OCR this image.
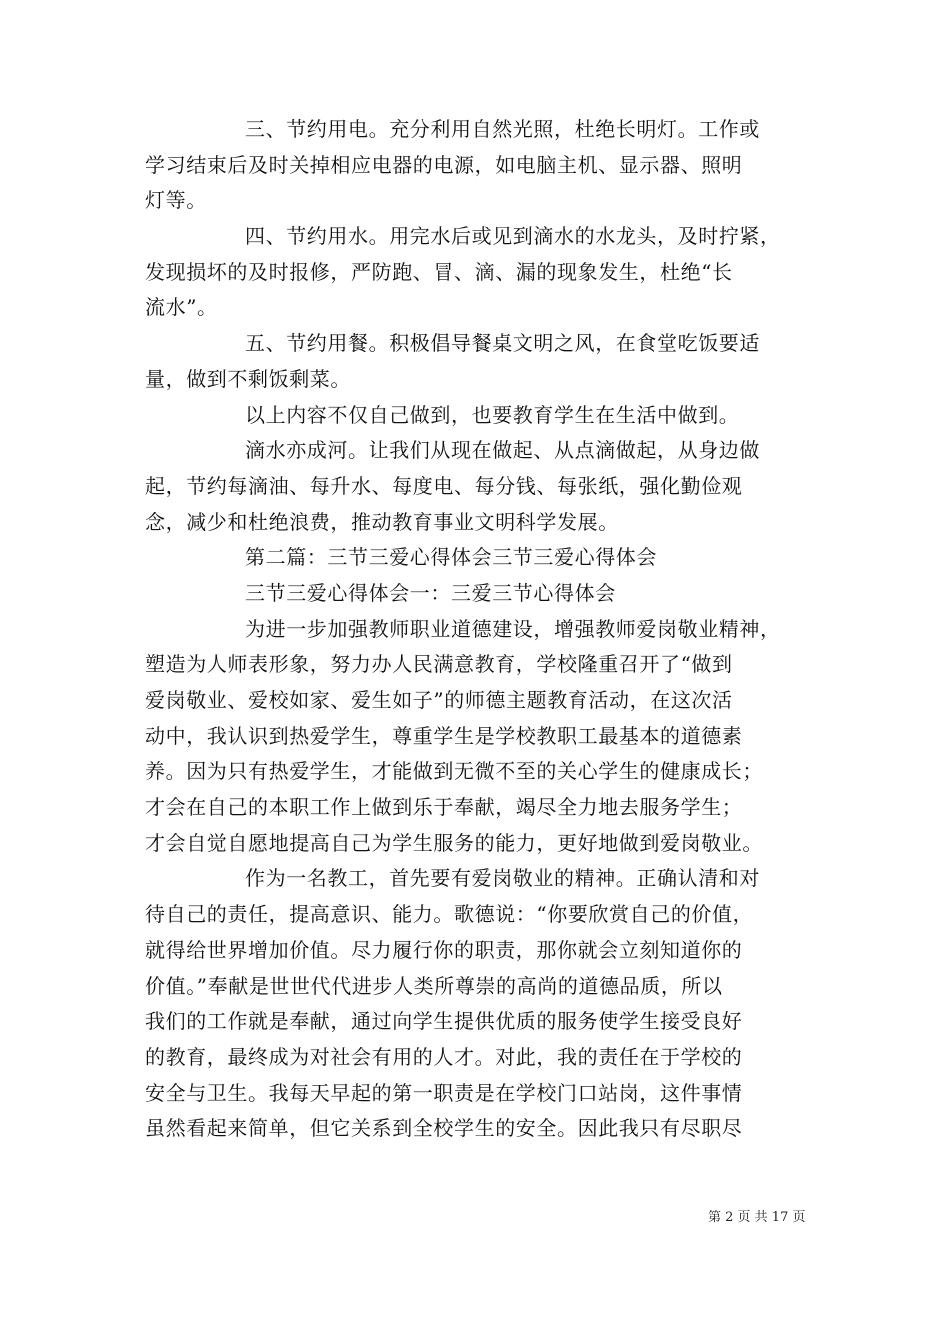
三、节约用电。充分利用自然光照，杜绝长明灯。工作或
学习结束后及时关掉相应电器的电源，如电脑主机、显示器、照明
灯等。
四、节约用水。用完水后或见到滴水的水龙头，及时拧紧，
发现损坏的及时报修，严防跑、冒、滴、漏的现象发生，杜绝“长
流水”。
五、节约用餐。积极倡导餐桌文明之风，在食堂吃饭要适
量，做到不剩饭剩菜。
以上内容不仅自己做到，也要教育学生在生活中做到。
滴水亦成河。让我们从现在做起、从点滴做起，从身边做
起，节约每滴油、每升水、每度电、每分钱、每张纸，强化勤俭观
念，减少和杜绝浪费，推动教育事业文明科学发展。
第二篇：三节三爱心得体会三节三爱心得体会
三节三爱心得体会一：三爱三节心得体会
为进一步加强教师职业道德建设，增强教师爱岗敬业精神，
塑造为人师表形象，努力办人民满意教育，学校隆重召开了“做到
爱岗敬业、爱校如家、爱生如子”的师德主题教育活动，在这次活
动中，我认识到热爱学生，尊重学生是学校教职工最基本的道德素
养。因为只有热爱学生，才能做到无微不至的关心学生的健康成长；
才会在自己的本职工作上做到乐于奉献，竭尽全力地去服务学生；
才会自觉自愿地提高自己为学生服务的能力，更好地做到爱岗敬业。
作为一名教工，首先要有爱岗敬业的精神。正确认清和对
待自己的责任，提高意识、能力。歌德说：“你要欣赏自己的价值，
就得给世界增加价值。尽力履行你的职责，那你就会立刻知道你的
价值。”奉献是世世代代进步人类所尊崇的高尚的道德品质，所以
我们的工作就是奉献，通过向学生提供优质的服务使学生接受良好
的教育，最终成为对社会有用的人才。对此，我的责任在于学校的
安全与卫生。我每天早起的第一职责是在学校门口站岗，这件事情
虽然看起来简单，但它关系到全校学生的安全。因此我只有尽职尽
第 2 页 共 17 页
